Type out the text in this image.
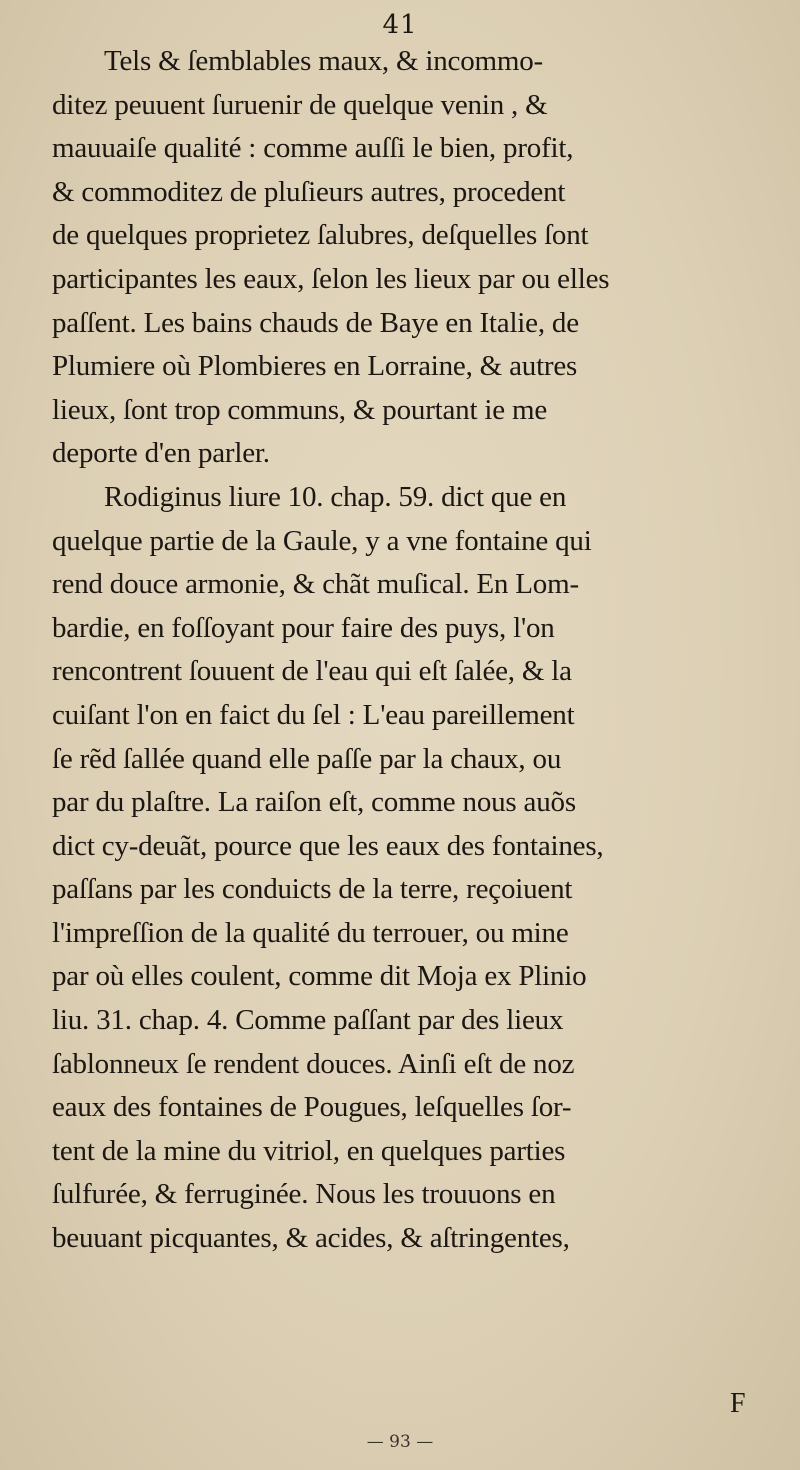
41
Tels & ſemblables maux, & incommo-
ditez peuuent ſuruenir de quelque venin , &
mauuaiſe qualité : comme auſſi le bien, profit,
& commoditez de pluſieurs autres, procedent
de quelques proprietez ſalubres, deſquelles ſont
participantes les eaux, ſelon les lieux par ou elles
paſſent. Les bains chauds de Baye en Italie, de
Plumiere où Plombieres en Lorraine, & autres
lieux, ſont trop communs, & pourtant ie me
deporte d'en parler.
Rodiginus liure 10. chap. 59. dict que en
quelque partie de la Gaule, y a vne fontaine qui
rend douce armonie, & chãt muſical. En Lom-
bardie, en foſſoyant pour faire des puys, l'on
rencontrent ſouuent de l'eau qui eſt ſalée, & la
cuiſant l'on en faict du ſel : L'eau pareillement
ſe rẽd ſallée quand elle paſſe par la chaux, ou
par du plaſtre. La raiſon eſt, comme nous auõs
dict cy-deuãt, pource que les eaux des fontaines,
paſſans par les conduicts de la terre, reçoiuent
l'impreſſion de la qualité du terrouer, ou mine
par où elles coulent, comme dit Moja ex Plinio
liu. 31. chap. 4. Comme paſſant par des lieux
ſablonneux ſe rendent douces. Ainſi eſt de noz
eaux des fontaines de Pougues, leſquelles ſor-
tent de la mine du vitriol, en quelques parties
ſulfurée, & ferruginée. Nous les trouuons en
beuuant picquantes, & acides, & aſtringentes,
F
— 93 —
